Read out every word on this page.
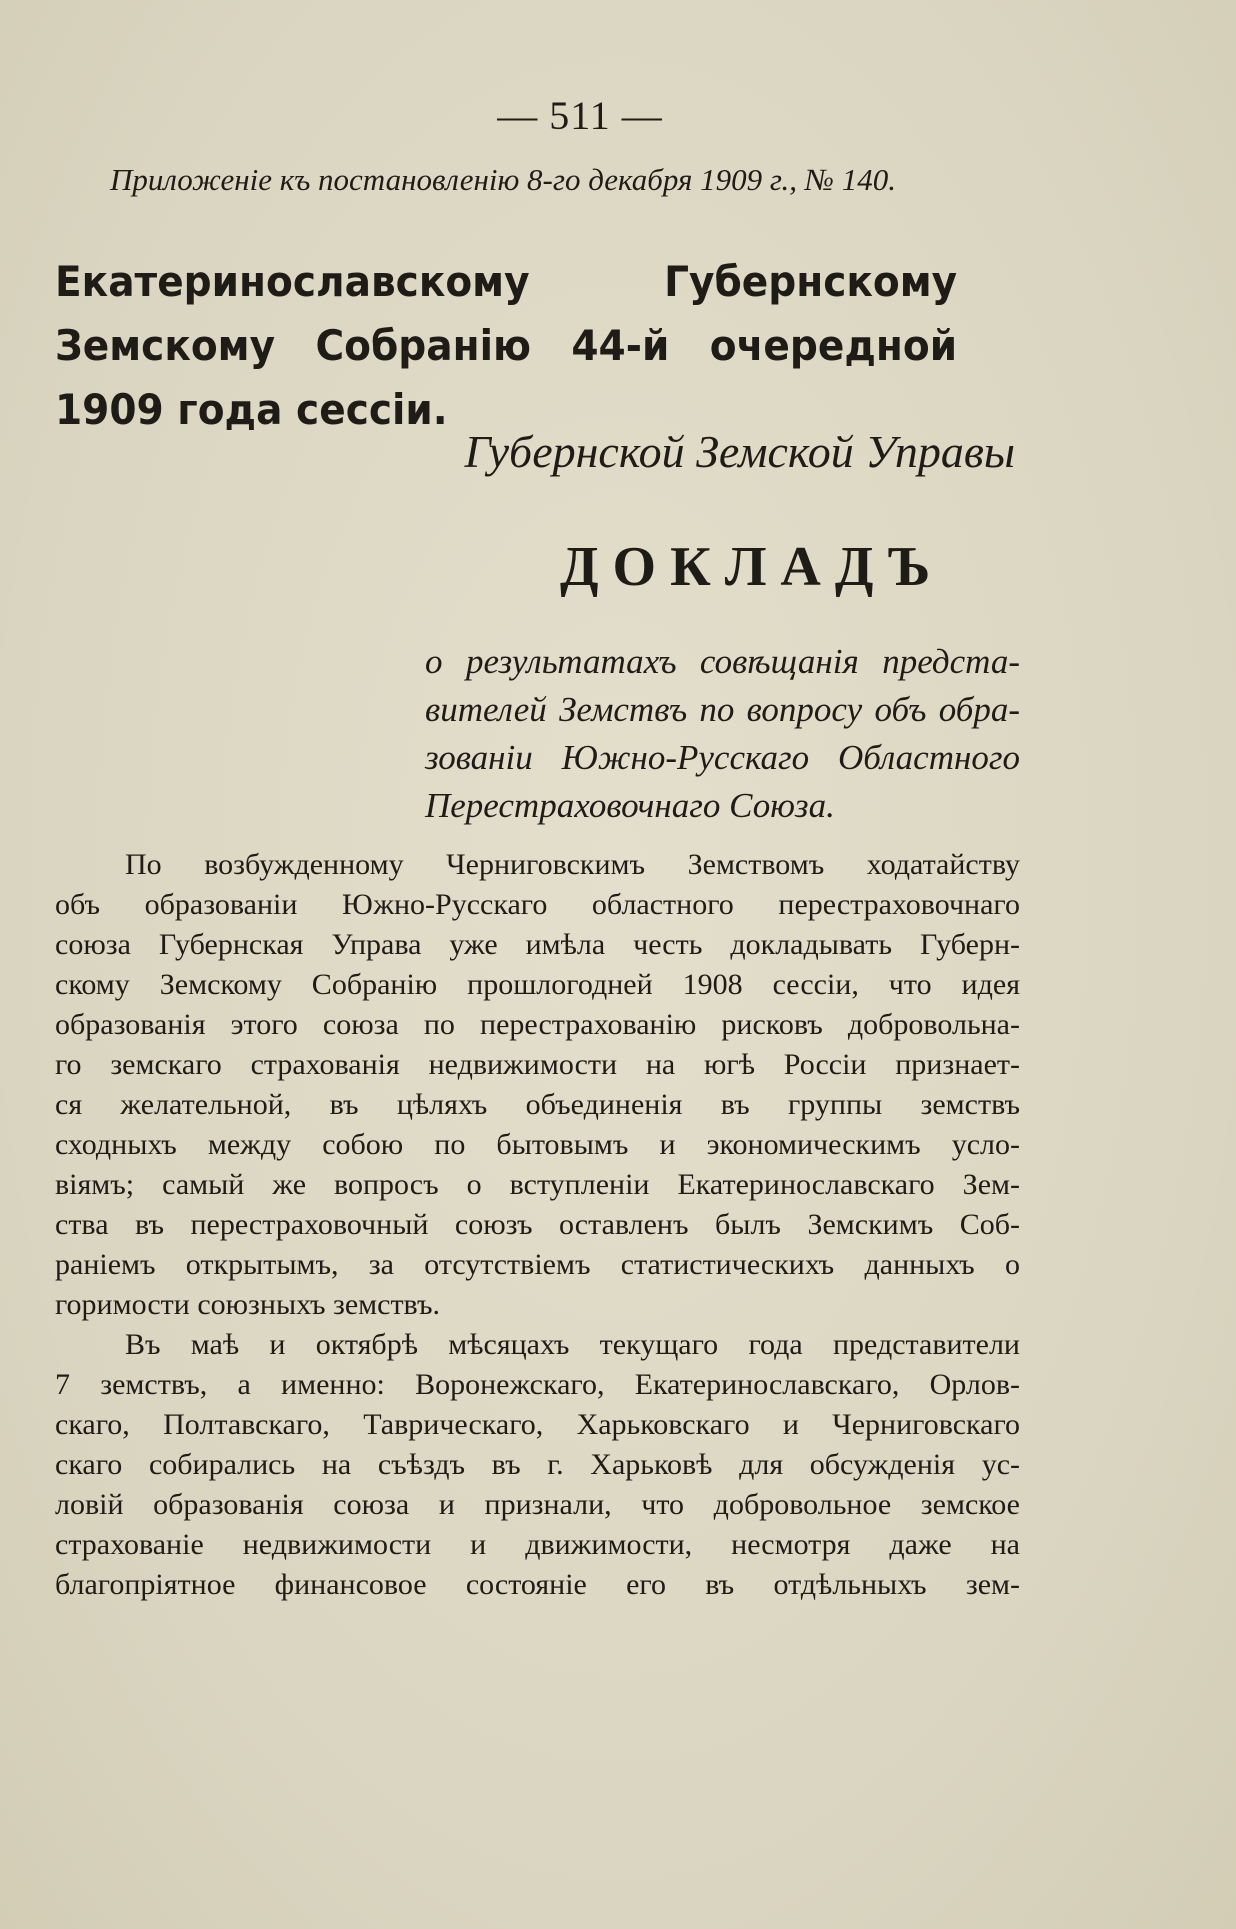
— 511 —
Приложеніе къ постановленію 8-го декабря 1909 г., № 140.
Екатеринославскому Губернскому Земскому Собранію 44-й очередной 1909 года сессіи.
Губернской Земской Управы
ДОКЛАДЪ
о результатахъ совѣщанія предста-
вителей Земствъ по вопросу объ обра-
зованіи Южно-Русскаго Областного
Перестраховочнаго Союза.
По возбужденному Черниговскимъ Земствомъ ходатайству
объ образованіи Южно-Русскаго областного перестраховочнаго
союза Губернская Управа уже имѣла честь докладывать Губерн-
скому Земскому Собранію прошлогодней 1908 сессіи, что идея
образованія этого союза по перестрахованію рисковъ добровольна-
го земскаго страхованія недвижимости на югѣ Россіи признает-
ся желательной, въ цѣляхъ объединенія въ группы земствъ
сходныхъ между собою по бытовымъ и экономическимъ усло-
віямъ; самый же вопросъ о вступленіи Екатеринославскаго Зем-
ства въ перестраховочный союзъ оставленъ былъ Земскимъ Соб-
раніемъ открытымъ, за отсутствіемъ статистическихъ данныхъ о
горимости союзныхъ земствъ.
Въ маѣ и октябрѣ мѣсяцахъ текущаго года представители
7 земствъ, а именно: Воронежскаго, Екатеринославскаго, Орлов-
скаго, Полтавскаго, Таврическаго, Харьковскаго и Черниговскаго
скаго собирались на съѣздъ въ г. Харьковѣ для обсужденія ус-
ловій образованія союза и признали, что добровольное земское
страхованіе недвижимости и движимости, несмотря даже на
благопріятное финансовое состояніе его въ отдѣльныхъ зем-
